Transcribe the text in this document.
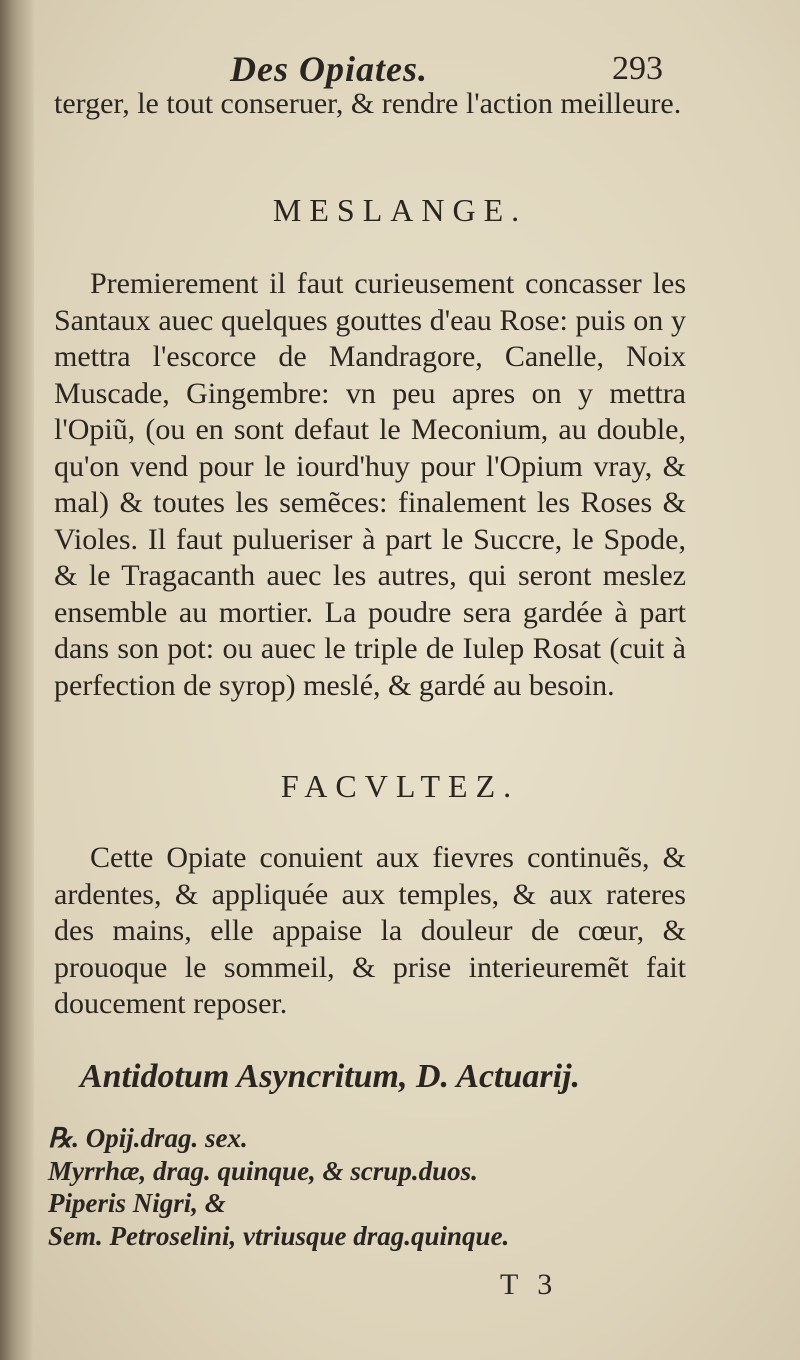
Des Opiates.	293
terger, le tout conseruer, & rendre l'action meilleure.
MESLANGE.
Premierement il faut curieusement concasser les Santaux auec quelques gouttes d'eau Rose: puis on y mettra l'escorce de Mandragore, Canelle, Noix Muscade, Gingembre: vn peu apres on y mettra l'Opiũ, (ou en sont defaut le Meconium, au double, qu'on vend pour le iourd'huy pour l'Opium vray, & mal) & toutes les semẽces: finalement les Roses & Violes. Il faut pulueriser à part le Succre, le Spode, & le Tragacanth auec les autres, qui seront meslez ensemble au mortier. La poudre sera gardée à part dans son pot: ou auec le triple de Iulep Rosat (cuit à perfection de syrop) meslé, & gardé au besoin.
FACVLTEZ.
Cette Opiate conuient aux fievres continuẽs, & ardentes, & appliquée aux temples, & aux rateres des mains, elle appaise la douleur de cœur, & prouoque le sommeil, & prise interieuremẽt fait doucement reposer.
Antidotum Asyncritum, D. Actuarij.
℞. Opij.drag. sex.
Myrrhæ, drag. quinque, & scrup.duos.
Piperis Nigri, &
Sem. Petroselini, vtriusque drag.quinque.
T 3
